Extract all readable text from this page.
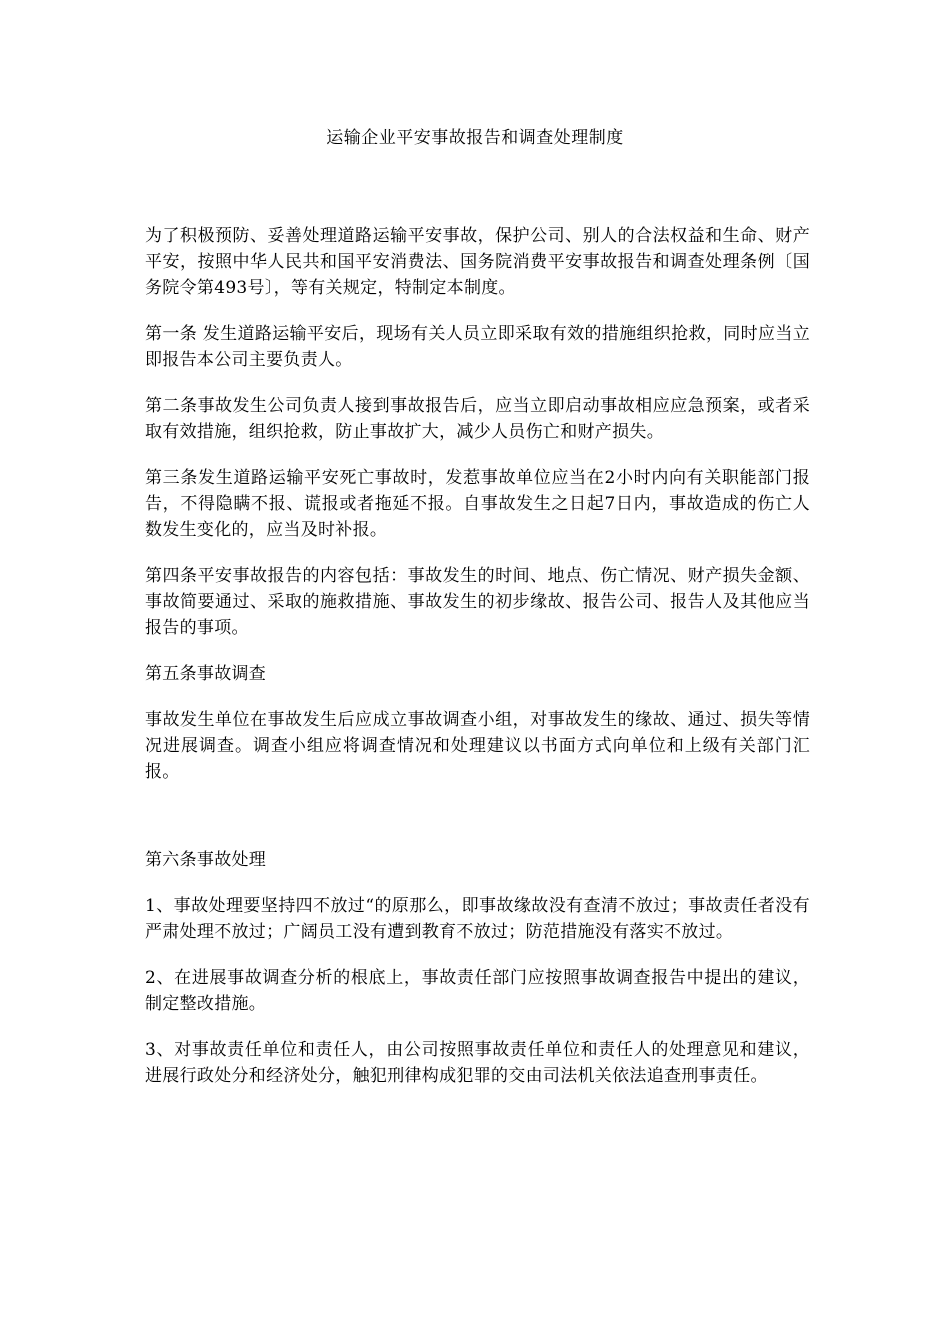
运输企业平安事故报告和调查处理制度

为了积极预防、妥善处理道路运输平安事故，保护公司、别人的合法权益和生命、财产平安，按照中华人民共和国平安消费法、国务院消费平安事故报告和调查处理条例〔国务院令第493号〕，等有关规定，特制定本制度。

第一条 发生道路运输平安后，现场有关人员立即采取有效的措施组织抢救，同时应当立即报告本公司主要负责人。

第二条事故发生公司负责人接到事故报告后，应当立即启动事故相应应急预案，或者采取有效措施，组织抢救，防止事故扩大，减少人员伤亡和财产损失。

第三条发生道路运输平安死亡事故时，发惹事故单位应当在2小时内向有关职能部门报告，不得隐瞒不报、谎报或者拖延不报。自事故发生之日起7日内，事故造成的伤亡人数发生变化的，应当及时补报。

第四条平安事故报告的内容包括：事故发生的时间、地点、伤亡情况、财产损失金额、事故简要通过、采取的施救措施、事故发生的初步缘故、报告公司、报告人及其他应当报告的事项。

第五条事故调查

事故发生单位在事故发生后应成立事故调查小组，对事故发生的缘故、通过、损失等情况进展调查。调查小组应将调查情况和处理建议以书面方式向单位和上级有关部门汇报。

第六条事故处理

1、事故处理要坚持四不放过“的原那么，即事故缘故没有查清不放过；事故责任者没有严肃处理不放过；广阔员工没有遭到教育不放过；防范措施没有落实不放过。

2、在进展事故调查分析的根底上，事故责任部门应按照事故调查报告中提出的建议，制定整改措施。

3、对事故责任单位和责任人，由公司按照事故责任单位和责任人的处理意见和建议，进展行政处分和经济处分，触犯刑律构成犯罪的交由司法机关依法追查刑事责任。
